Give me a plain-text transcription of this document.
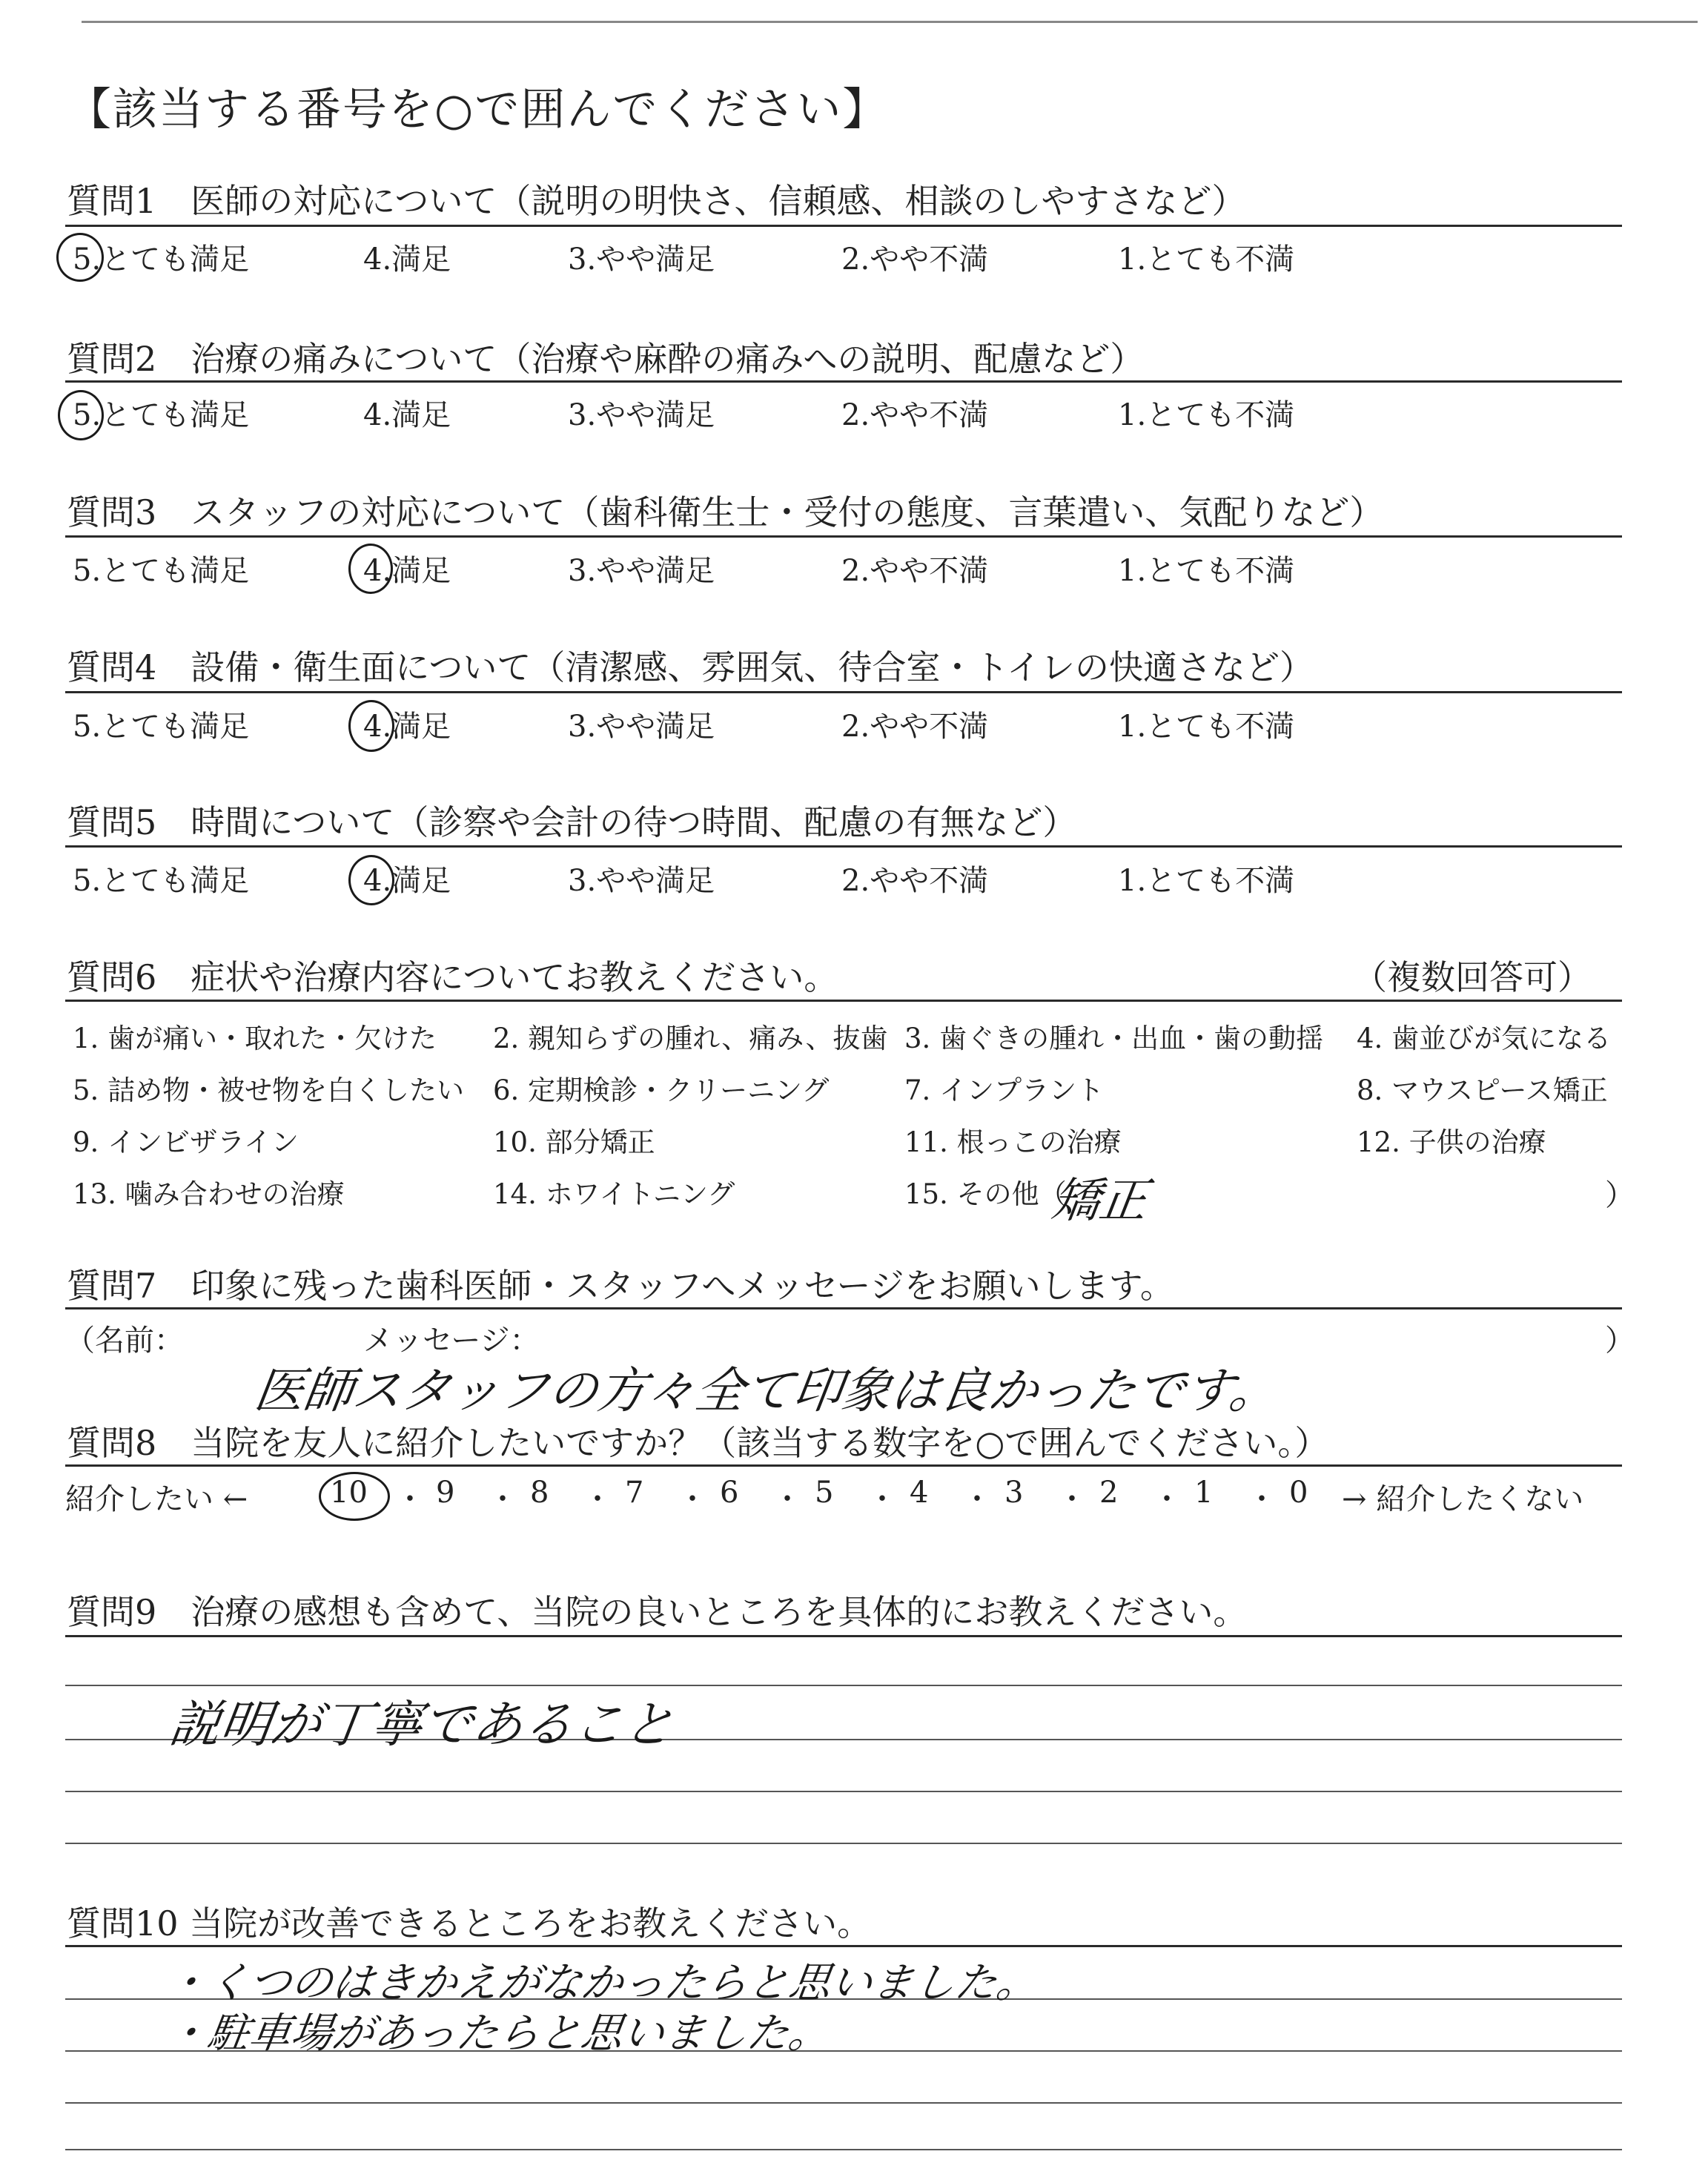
【該当する番号を○で囲んでください】
質問1　医師の対応について（説明の明快さ、信頼感、相談のしやすさなど）
5.とても満足	4.満足	3.やや満足	2.やや不満	1.とても不満
質問2　治療の痛みについて（治療や麻酔の痛みへの説明、配慮など）
5.とても満足	4.満足	3.やや満足	2.やや不満	1.とても不満
質問3　スタッフの対応について（歯科衛生士・受付の態度、言葉遣い、気配りなど）
5.とても満足	4.満足	3.やや満足	2.やや不満	1.とても不満
質問4　設備・衛生面について（清潔感、雰囲気、待合室・トイレの快適さなど）
5.とても満足	4.満足	3.やや満足	2.やや不満	1.とても不満
質問5　時間について（診察や会計の待つ時間、配慮の有無など）
5.とても満足	4.満足	3.やや満足	2.やや不満	1.とても不満
質問6　症状や治療内容についてお教えください。	（複数回答可）
1. 歯が痛い・取れた・欠けた 2. 親知らずの腫れ、痛み、抜歯 3. 歯ぐきの腫れ・出血・歯の動揺 4. 歯並びが気になる
5. 詰め物・被せ物を白くしたい 6. 定期検診・クリーニング	7. インプラント	8. マウスピース矯正
9. インビザライン	10. 部分矯正	11. 根っこの治療	12. 子供の治療
13. 噛み合わせの治療	14. ホワイトニング	15. その他（
矯正	）
質問7　印象に残った歯科医師・スタッフへメッセージをお願いします。
（名前：	メッセージ：	）
医師スタッフの方々全て印象は良かったです。
質問8　当院を友人に紹介したいですか？（該当する数字を○で囲んでください。）
紹介したい ←	10 ・ 9 ・ 8 ・ 7 ・ 6 ・ 5 ・ 4 ・ 3 ・ 2 ・ 1 ・ 0 → 紹介したくない
質問9　治療の感想も含めて、当院の良いところを具体的にお教えください。
説明が丁寧であること
質問10 当院が改善できるところをお教えください。
・くつのはきかえがなかったらと思いました。
・駐車場があったらと思いました。
